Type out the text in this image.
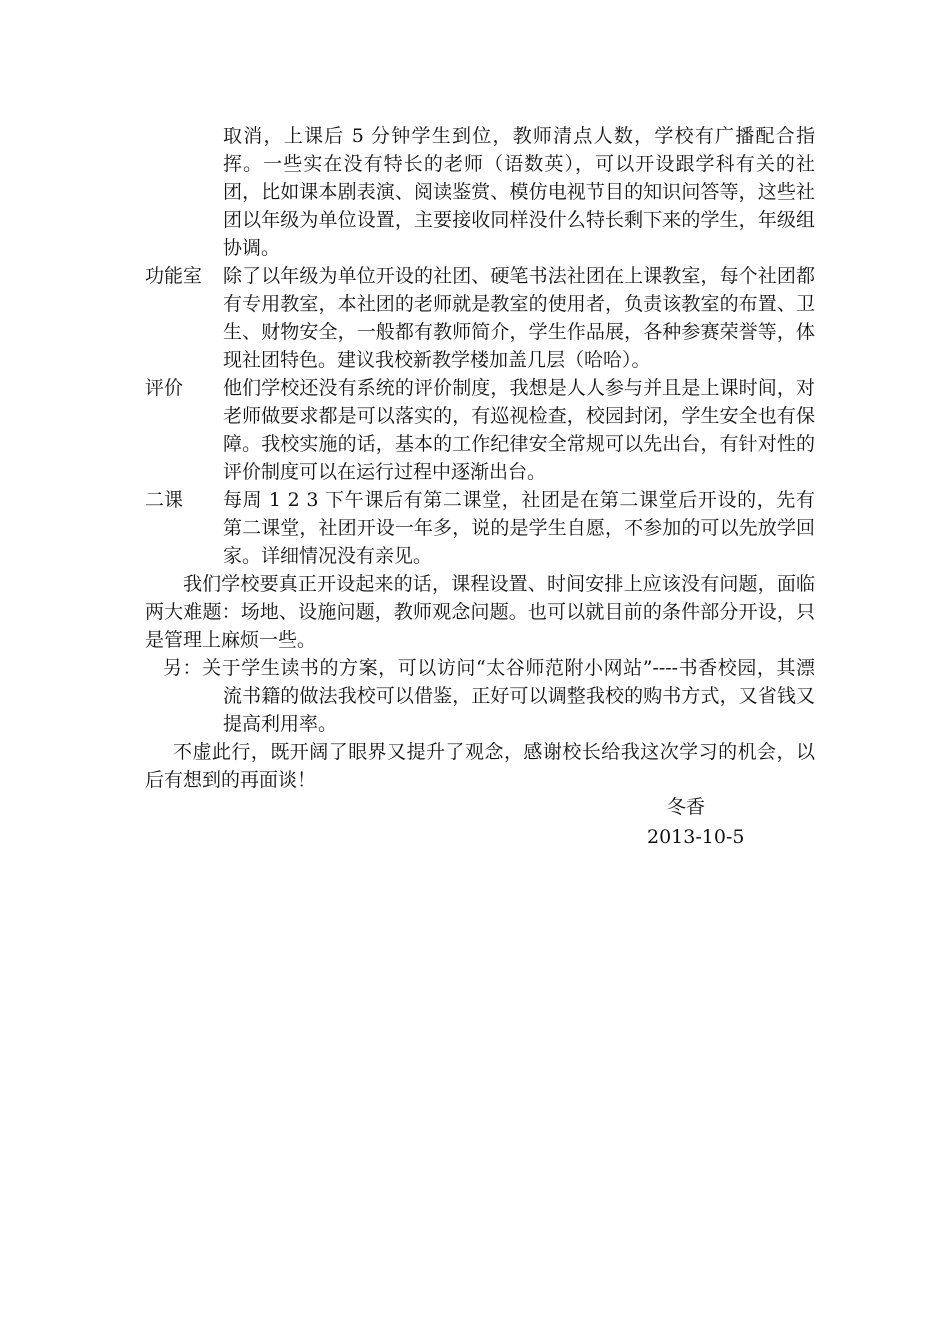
取消，上课后 5 分钟学生到位，教师清点人数，学校有广播配合指挥。一些实在没有特长的老师（语数英），可以开设跟学科有关的社团，比如课本剧表演、阅读鉴赏、模仿电视节目的知识问答等，这些社团以年级为单位设置，主要接收同样没什么特长剩下来的学生，年级组协调。
功能室 除了以年级为单位开设的社团、硬笔书法社团在上课教室，每个社团都有专用教室，本社团的老师就是教室的使用者，负责该教室的布置、卫生、财物安全，一般都有教师简介，学生作品展，各种参赛荣誉等，体现社团特色。建议我校新教学楼加盖几层（哈哈）。
评价 他们学校还没有系统的评价制度，我想是人人参与并且是上课时间，对老师做要求都是可以落实的，有巡视检查，校园封闭，学生安全也有保障。我校实施的话，基本的工作纪律安全常规可以先出台，有针对性的评价制度可以在运行过程中逐渐出台。
二课 每周 1 2 3 下午课后有第二课堂，社团是在第二课堂后开设的，先有第二课堂，社团开设一年多，说的是学生自愿，不参加的可以先放学回家。详细情况没有亲见。
我们学校要真正开设起来的话，课程设置、时间安排上应该没有问题，面临两大难题：场地、设施问题，教师观念问题。也可以就目前的条件部分开设，只是管理上麻烦一些。
另：关于学生读书的方案，可以访问“太谷师范附小网站”----书香校园，其漂流书籍的做法我校可以借鉴，正好可以调整我校的购书方式，又省钱又提高利用率。
不虚此行，既开阔了眼界又提升了观念，感谢校长给我这次学习的机会，以后有想到的再面谈！
冬香
2013-10-5
